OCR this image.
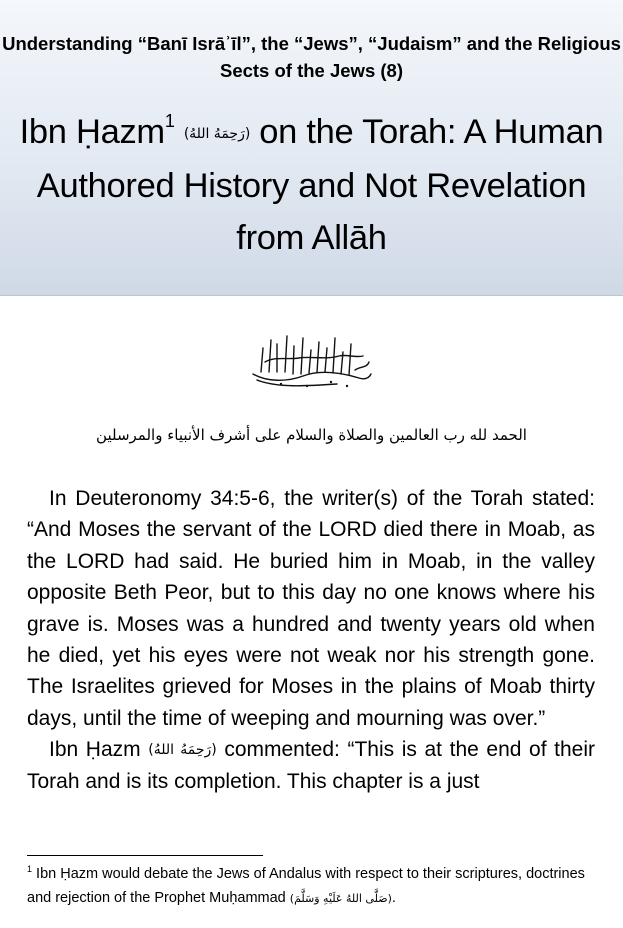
Understanding “Banī Isrāʾīl”, the “Jews”, “Judaism” and the Religious Sects of the Jews (8)
Ibn Ḥazm$^1$ (رَحِمَهُ اللهُ) on the Torah: A Human Authored History and Not Revelation from Allāh
الحمد لله رب العالمين والصلاة والسلام على أشرف الأنبياء والمرسلين

In Deuteronomy 34:5-6, the writer(s) of the Torah stated: “And Moses the servant of the LORD died there in Moab, as the LORD had said. He buried him in Moab, in the valley opposite Beth Peor, but to this day no one knows where his grave is. Moses was a hundred and twenty years old when he died, yet his eyes were not weak nor his strength gone. The Israelites grieved for Moses in the plains of Moab thirty days, until the time of weeping and mourning was over.”

Ibn Ḥazm (رَحِمَهُ اللهُ) commented: “This is at the end of their Torah and is its completion. This chapter is a just

$^1$ Ibn Ḥazm would debate the Jews of Andalus with respect to their scriptures, doctrines and rejection of the Prophet Muḥammad (صَلَّى اللهُ عَلَيْهِ وَسَلَّمَ).
